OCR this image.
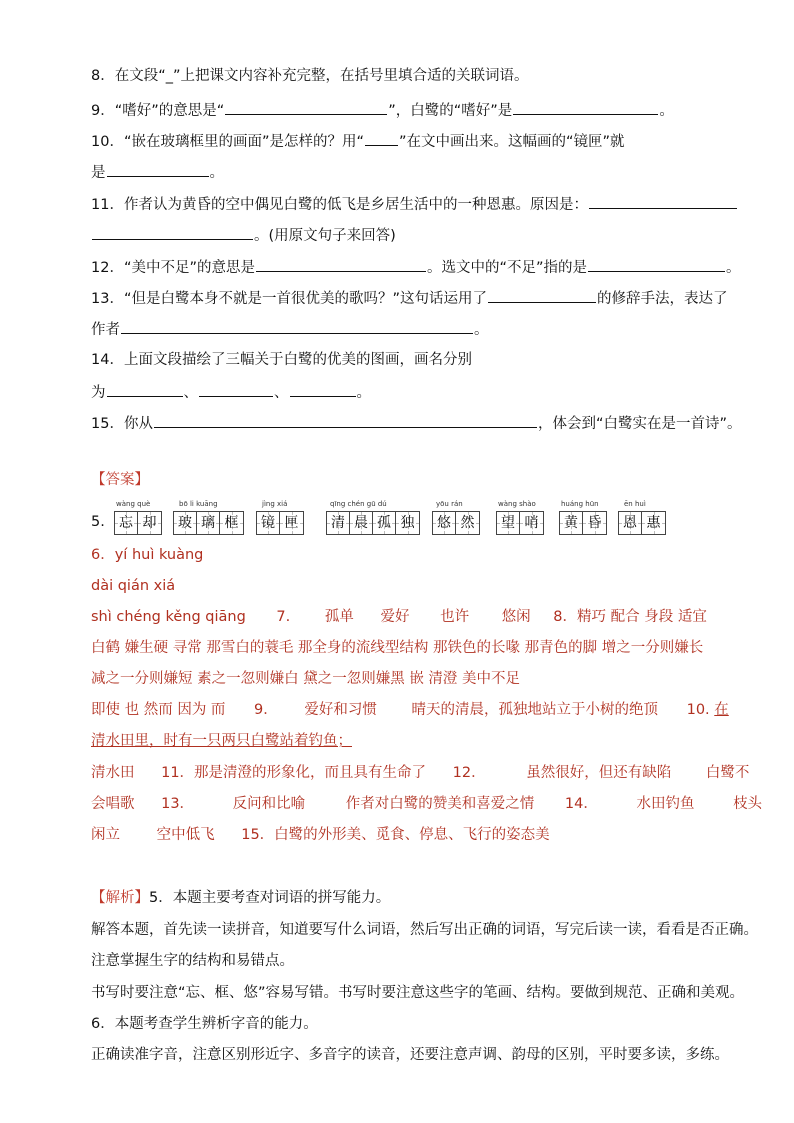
8．在文段“_”上把课文内容补充完整，在括号里填合适的关联词语。
9．“嗜好”的意思是“	”，白鹭的“嗜好”是	。
10．“嵌在玻璃框里的画面”是怎样的？用“ ”在文中画出来。这幅画的“镜匣”就
是	。
11．作者认为黄昏的空中偶见白鹭的低飞是乡居生活中的一种恩惠。原因是：
。(用原文句子来回答)
12．“美中不足”的意思是	。选文中的“不足”指的是	。
13．“但是白鹭本身不就是一首很优美的歌吗？”这句话运用了	的修辞手法，表达了
作者	。
14．上面文段描绘了三幅关于白鹭的优美的图画，画名分别
为	、	、	。
15．你从	，体会到“白鹭实在是一首诗”。
【答案】
5.
wàng què
忘 却
bō li kuāng
玻 璃 框
jìng xiá
镜 匣
qīng chén gū dú
清 晨 孤 独
yōu rán
悠 然
wàng shào
望 哨
huáng hūn
黄 昏
ēn huì
恩 惠
6．yí huì kuàng
dài qián xiá
shì chéng kěng qiāng 7. 孤单 爱好 也许 悠闲 8．精巧 配合 身段 适宜
白鹤 嫌生硬 寻常 那雪白的蓑毛 那全身的流线型结构 那铁色的长喙 那青色的脚 增之一分则嫌长
减之一分则嫌短 素之一忽则嫌白 黛之一忽则嫌黑 嵌 清澄 美中不足
即使 也 然而 因为 而 9． 爱好和习惯 晴天的清晨，孤独地站立于小树的绝顶 10. 在
清水田里，时有一只两只白鹭站着钓鱼；
清水田 11．那是清澄的形象化，而且具有生命了 12．	虽然很好，但还有缺陷 白鹭不
会唱歌 13．	反问和比喻	作者对白鹭的赞美和喜爱之情 14．	水田钓鱼	枝头
闲立	空中低飞 15．白鹭的外形美、觅食、停息、飞行的姿态美
【解析】5．本题主要考查对词语的拼写能力。
解答本题，首先读一读拼音，知道要写什么词语，然后写出正确的词语，写完后读一读，看看是否正确。
注意掌握生字的结构和易错点。
书写时要注意“忘、框、悠”容易写错。书写时要注意这些字的笔画、结构。要做到规范、正确和美观。
6．本题考查学生辨析字音的能力。
正确读准字音，注意区别形近字、多音字的读音，还要注意声调、韵母的区别，平时要多读，多练。
